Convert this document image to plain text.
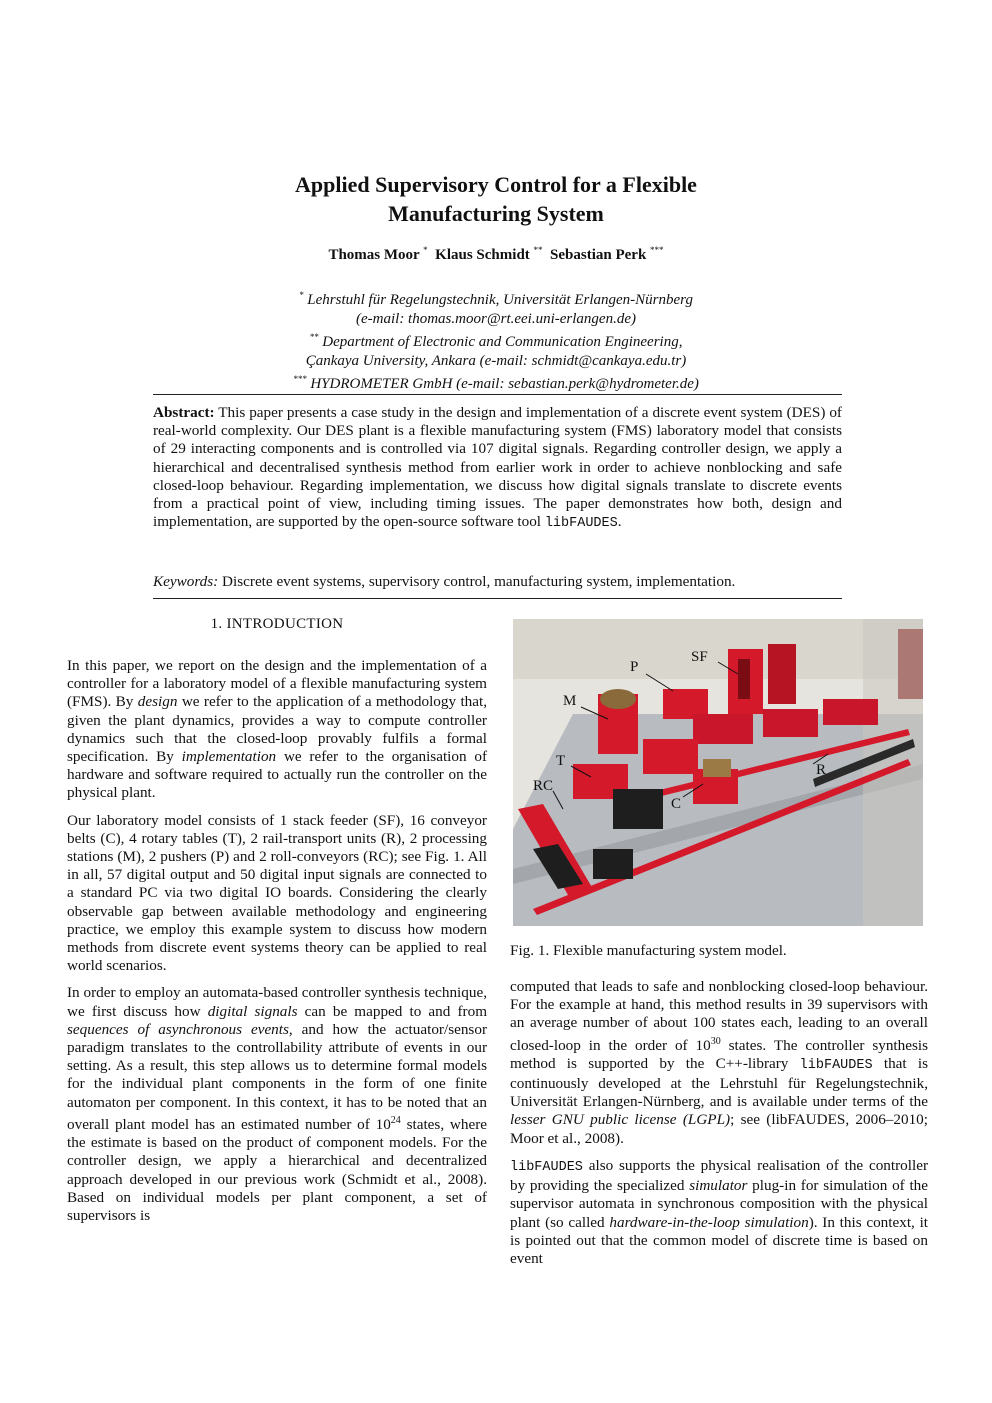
Applied Supervisory Control for a Flexible
Manufacturing System
Thomas Moor * Klaus Schmidt ** Sebastian Perk ***
* Lehrstuhl für Regelungstechnik, Universität Erlangen-Nürnberg
(e-mail: thomas.moor@rt.eei.uni-erlangen.de)
** Department of Electronic and Communication Engineering,
Çankaya University, Ankara (e-mail: schmidt@cankaya.edu.tr)
*** HYDROMETER GmbH (e-mail: sebastian.perk@hydrometer.de)
Abstract: This paper presents a case study in the design and implementation of a discrete event system (DES) of real-world complexity. Our DES plant is a flexible manufacturing system (FMS) laboratory model that consists of 29 interacting components and is controlled via 107 digital signals. Regarding controller design, we apply a hierarchical and decentralised synthesis method from earlier work in order to achieve nonblocking and safe closed-loop behaviour. Regarding implementation, we discuss how digital signals translate to discrete events from a practical point of view, including timing issues. The paper demonstrates how both, design and implementation, are supported by the open-source software tool libFAUDES.
Keywords: Discrete event systems, supervisory control, manufacturing system, implementation.
1. INTRODUCTION

In this paper, we report on the design and the implementation of a controller for a laboratory model of a flexible manufacturing system (FMS). By design we refer to the application of a methodology that, given the plant dynamics, provides a way to compute controller dynamics such that the closed-loop provably fulfils a formal specification. By implementation we refer to the organisation of hardware and software required to actually run the controller on the physical plant.

Our laboratory model consists of 1 stack feeder (SF), 16 conveyor belts (C), 4 rotary tables (T), 2 rail-transport units (R), 2 processing stations (M), 2 pushers (P) and 2 roll-conveyors (RC); see Fig. 1. All in all, 57 digital output and 50 digital input signals are connected to a standard PC via two digital IO boards. Considering the clearly observable gap between available methodology and engineering practice, we employ this example system to discuss how modern methods from discrete event systems theory can be applied to real world scenarios.

In order to employ an automata-based controller synthesis technique, we first discuss how digital signals can be mapped to and from sequences of asynchronous events, and how the actuator/sensor paradigm translates to the controllability attribute of events in our setting. As a result, this step allows us to determine formal models for the individual plant components in the form of one finite automaton per component. In this context, it has to be noted that an overall plant model has an estimated number of $10^{24}$ states, where the estimate is based on the product of component models. For the controller design, we apply a hierarchical and decentralized approach developed in our previous work (Schmidt et al., 2008). Based on individual models per plant component, a set of supervisors is

SF
P
M
T
RC
C
R
Fig. 1. Flexible manufacturing system model.

computed that leads to safe and nonblocking closed-loop behaviour. For the example at hand, this method results in 39 supervisors with an average number of about 100 states each, leading to an overall closed-loop in the order of $10^{30}$ states. The controller synthesis method is supported by the C++-library libFAUDES that is continuously developed at the Lehrstuhl für Regelungstechnik, Universität Erlangen-Nürnberg, and is available under terms of the lesser GNU public license (LGPL); see (libFAUDES, 2006–2010; Moor et al., 2008).

libFAUDES also supports the physical realisation of the controller by providing the specialized simulator plug-in for simulation of the supervisor automata in synchronous composition with the physical plant (so called hardware-in-the-loop simulation). In this context, it is pointed out that the common model of discrete time is based on event
